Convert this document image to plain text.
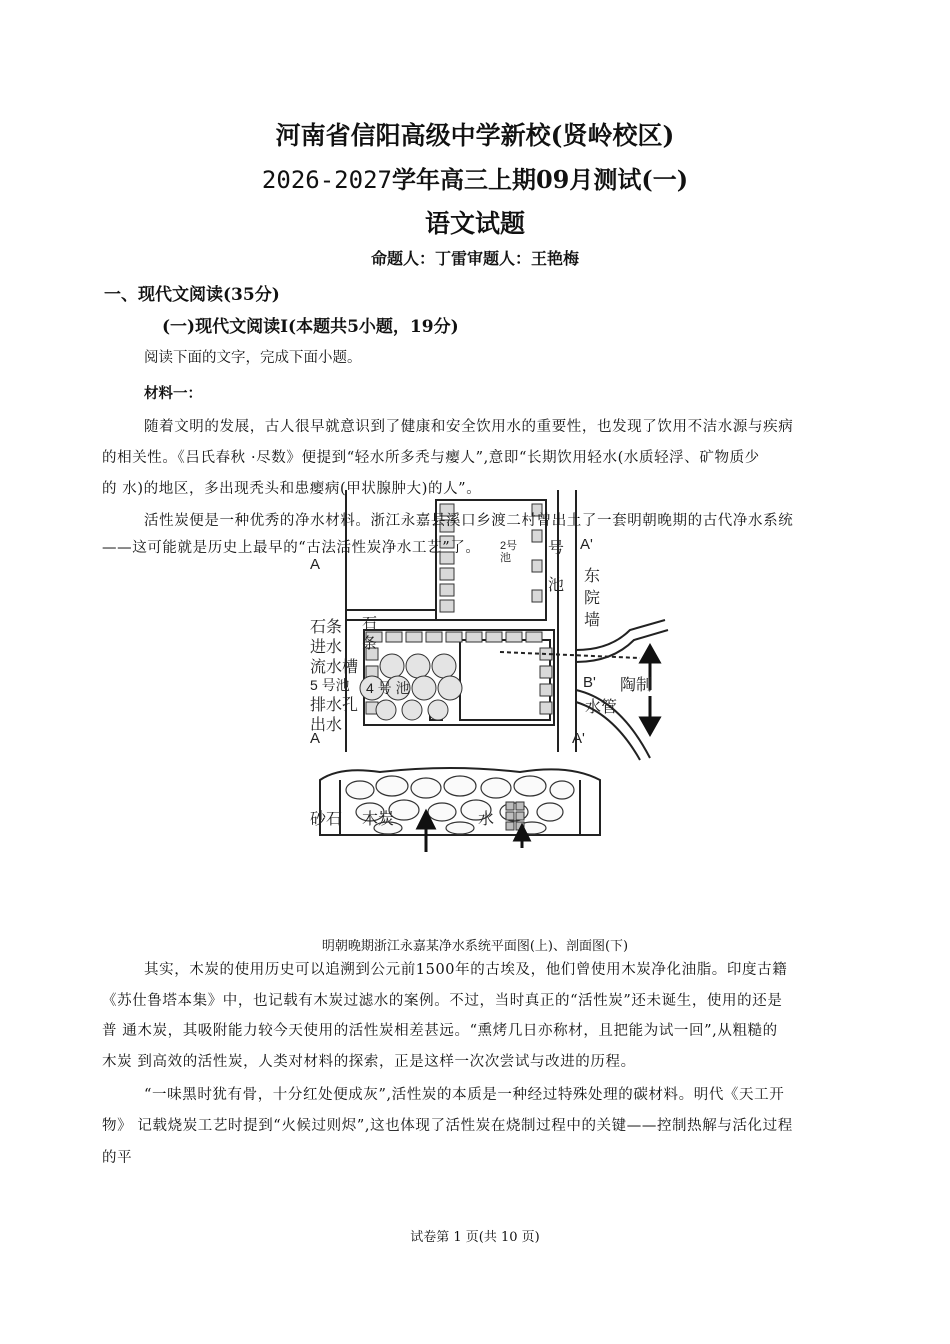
河南省信阳高级中学新校(贤岭校区)
2026-2027学年高三上期09月测试(一)
语文试题
命题人：丁雷审题人：王艳梅
一、现代文阅读(35分)
(一)现代文阅读Ⅰ(本题共5小题，19分)
阅读下面的文字，完成下面小题。
材料一：
随着文明的发展，古人很早就意识到了健康和安全饮用水的重要性，也发现了饮用不洁水源与疾病
的相关性。《吕氏春秋 ·尽数》便提到“轻水所多秃与瘿人”,意即“长期饮用轻水(水质轻浮、矿物质少
的 水)的地区，多出现秃头和患瘿病(甲状腺肿大)的人”。
号
池
2号池
A
A'
东院墙
石条 石条
进水
流水槽
5 号池
排水孔
出水
4 号 池	B' 陶制
水管
A	A'
砂石 木炭	水
活性炭便是一种优秀的净水材料。浙江永嘉县溪口乡渡二村曾出土了一套明朝晚期的古代净水系统
——这可能就是历史上最早的“古法活性炭净水工艺”了。
明朝晚期浙江永嘉某净水系统平面图(上)、剖面图(下)
其实，木炭的使用历史可以追溯到公元前1500年的古埃及，他们曾使用木炭净化油脂。印度古籍
《苏仕鲁塔本集》中，也记载有木炭过滤水的案例。不过，当时真正的“活性炭”还未诞生，使用的还是
普 通木炭，其吸附能力较今天使用的活性炭相差甚远。“熏烤几日亦称材，且把能为试一回”,从粗糙的
木炭 到高效的活性炭，人类对材料的探索，正是这样一次次尝试与改进的历程。
“一味黑时犹有骨，十分红处便成灰”,活性炭的本质是一种经过特殊处理的碳材料。明代《天工开
物》 记载烧炭工艺时提到“火候过则烬”,这也体现了活性炭在烧制过程中的关键——控制热解与活化过程
的平
试卷第 1 页(共 10 页)
